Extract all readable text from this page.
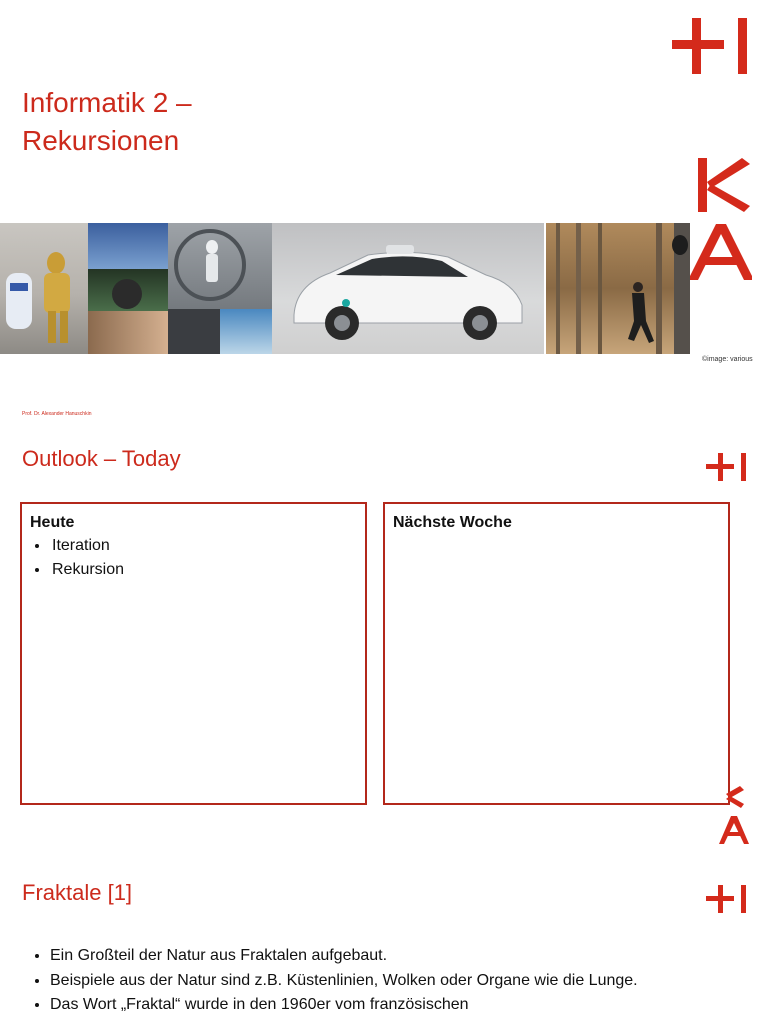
Informatik 2 –
Rekursionen
©image: various
Prof. Dr. Alexander Hanuschkin
Outlook – Today
Heute
• Iteration
• Rekursion
Nächste Woche
Fraktale [1]
• Ein Großteil der Natur aus Fraktalen aufgebaut.
• Beispiele aus der Natur sind z.B. Küstenlinien, Wolken oder Organe wie die Lunge.
• Das Wort „Fraktal“ wurde in den 1960er vom französischen
